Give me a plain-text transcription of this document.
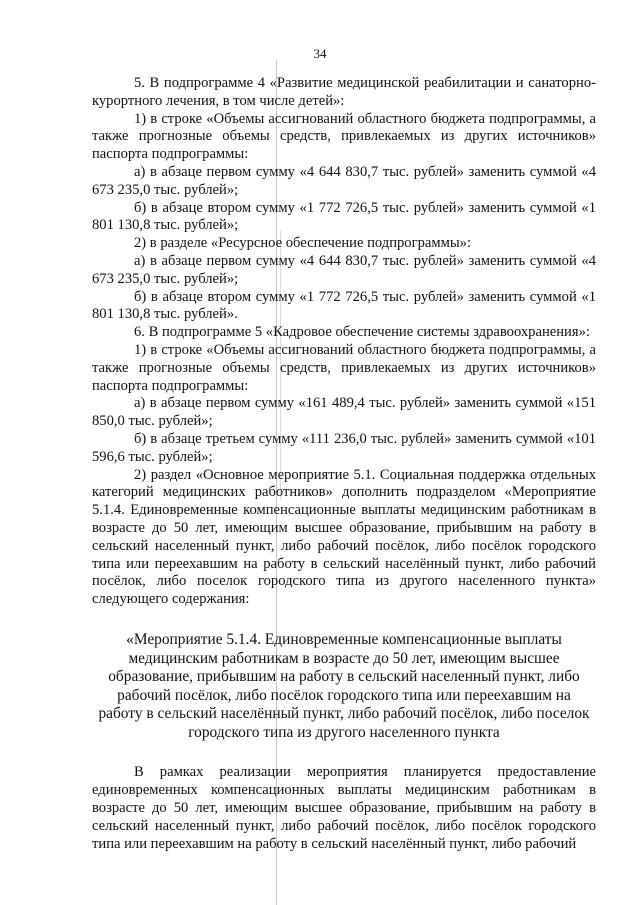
34

5. В подпрограмме 4 «Развитие медицинской реабилитации и санаторно-курортного лечения, в том числе детей»:

1) в строке «Объемы ассигнований областного бюджета подпрограммы, а также прогнозные объемы средств, привлекаемых из других источников» паспорта подпрограммы:

а) в абзаце первом сумму «4 644 830,7 тыс. рублей» заменить суммой «4 673 235,0 тыс. рублей»;

б) в абзаце втором сумму «1 772 726,5 тыс. рублей» заменить суммой «1 801 130,8 тыс. рублей»;

2) в разделе «Ресурсное обеспечение подпрограммы»:

а) в абзаце первом сумму «4 644 830,7 тыс. рублей» заменить суммой «4 673 235,0 тыс. рублей»;

б) в абзаце втором сумму «1 772 726,5 тыс. рублей» заменить суммой «1 801 130,8 тыс. рублей».

6. В подпрограмме 5 «Кадровое обеспечение системы здравоохранения»:

1) в строке «Объемы ассигнований областного бюджета подпрограммы, а также прогнозные объемы средств, привлекаемых из других источников» паспорта подпрограммы:

а) в абзаце первом сумму «161 489,4 тыс. рублей» заменить суммой «151 850,0 тыс. рублей»;

б) в абзаце третьем сумму «111 236,0 тыс. рублей» заменить суммой «101 596,6 тыс. рублей»;

2) раздел «Основное мероприятие 5.1. Социальная поддержка отдельных категорий медицинских работников» дополнить подразделом «Мероприятие 5.1.4. Единовременные компенсационные выплаты медицинским работникам в возрасте до 50 лет, имеющим высшее образование, прибывшим на работу в сельский населенный пункт, либо рабочий посёлок, либо посёлок городского типа или переехавшим на работу в сельский населённый пункт, либо рабочий посёлок, либо поселок городского типа из другого населенного пункта» следующего содержания:

«Мероприятие 5.1.4. Единовременные компенсационные выплаты медицинским работникам в возрасте до 50 лет, имеющим высшее образование, прибывшим на работу в сельский населенный пункт, либо рабочий посёлок, либо посёлок городского типа или переехавшим на работу в сельский населённый пункт, либо рабочий посёлок, либо поселок городского типа из другого населенного пункта

В рамках реализации мероприятия планируется предоставление единовременных компенсационных выплаты медицинским работникам в возрасте до 50 лет, имеющим высшее образование, прибывшим на работу в сельский населенный пункт, либо рабочий посёлок, либо посёлок городского типа или переехавшим на работу в сельский населённый пункт, либо рабочий
